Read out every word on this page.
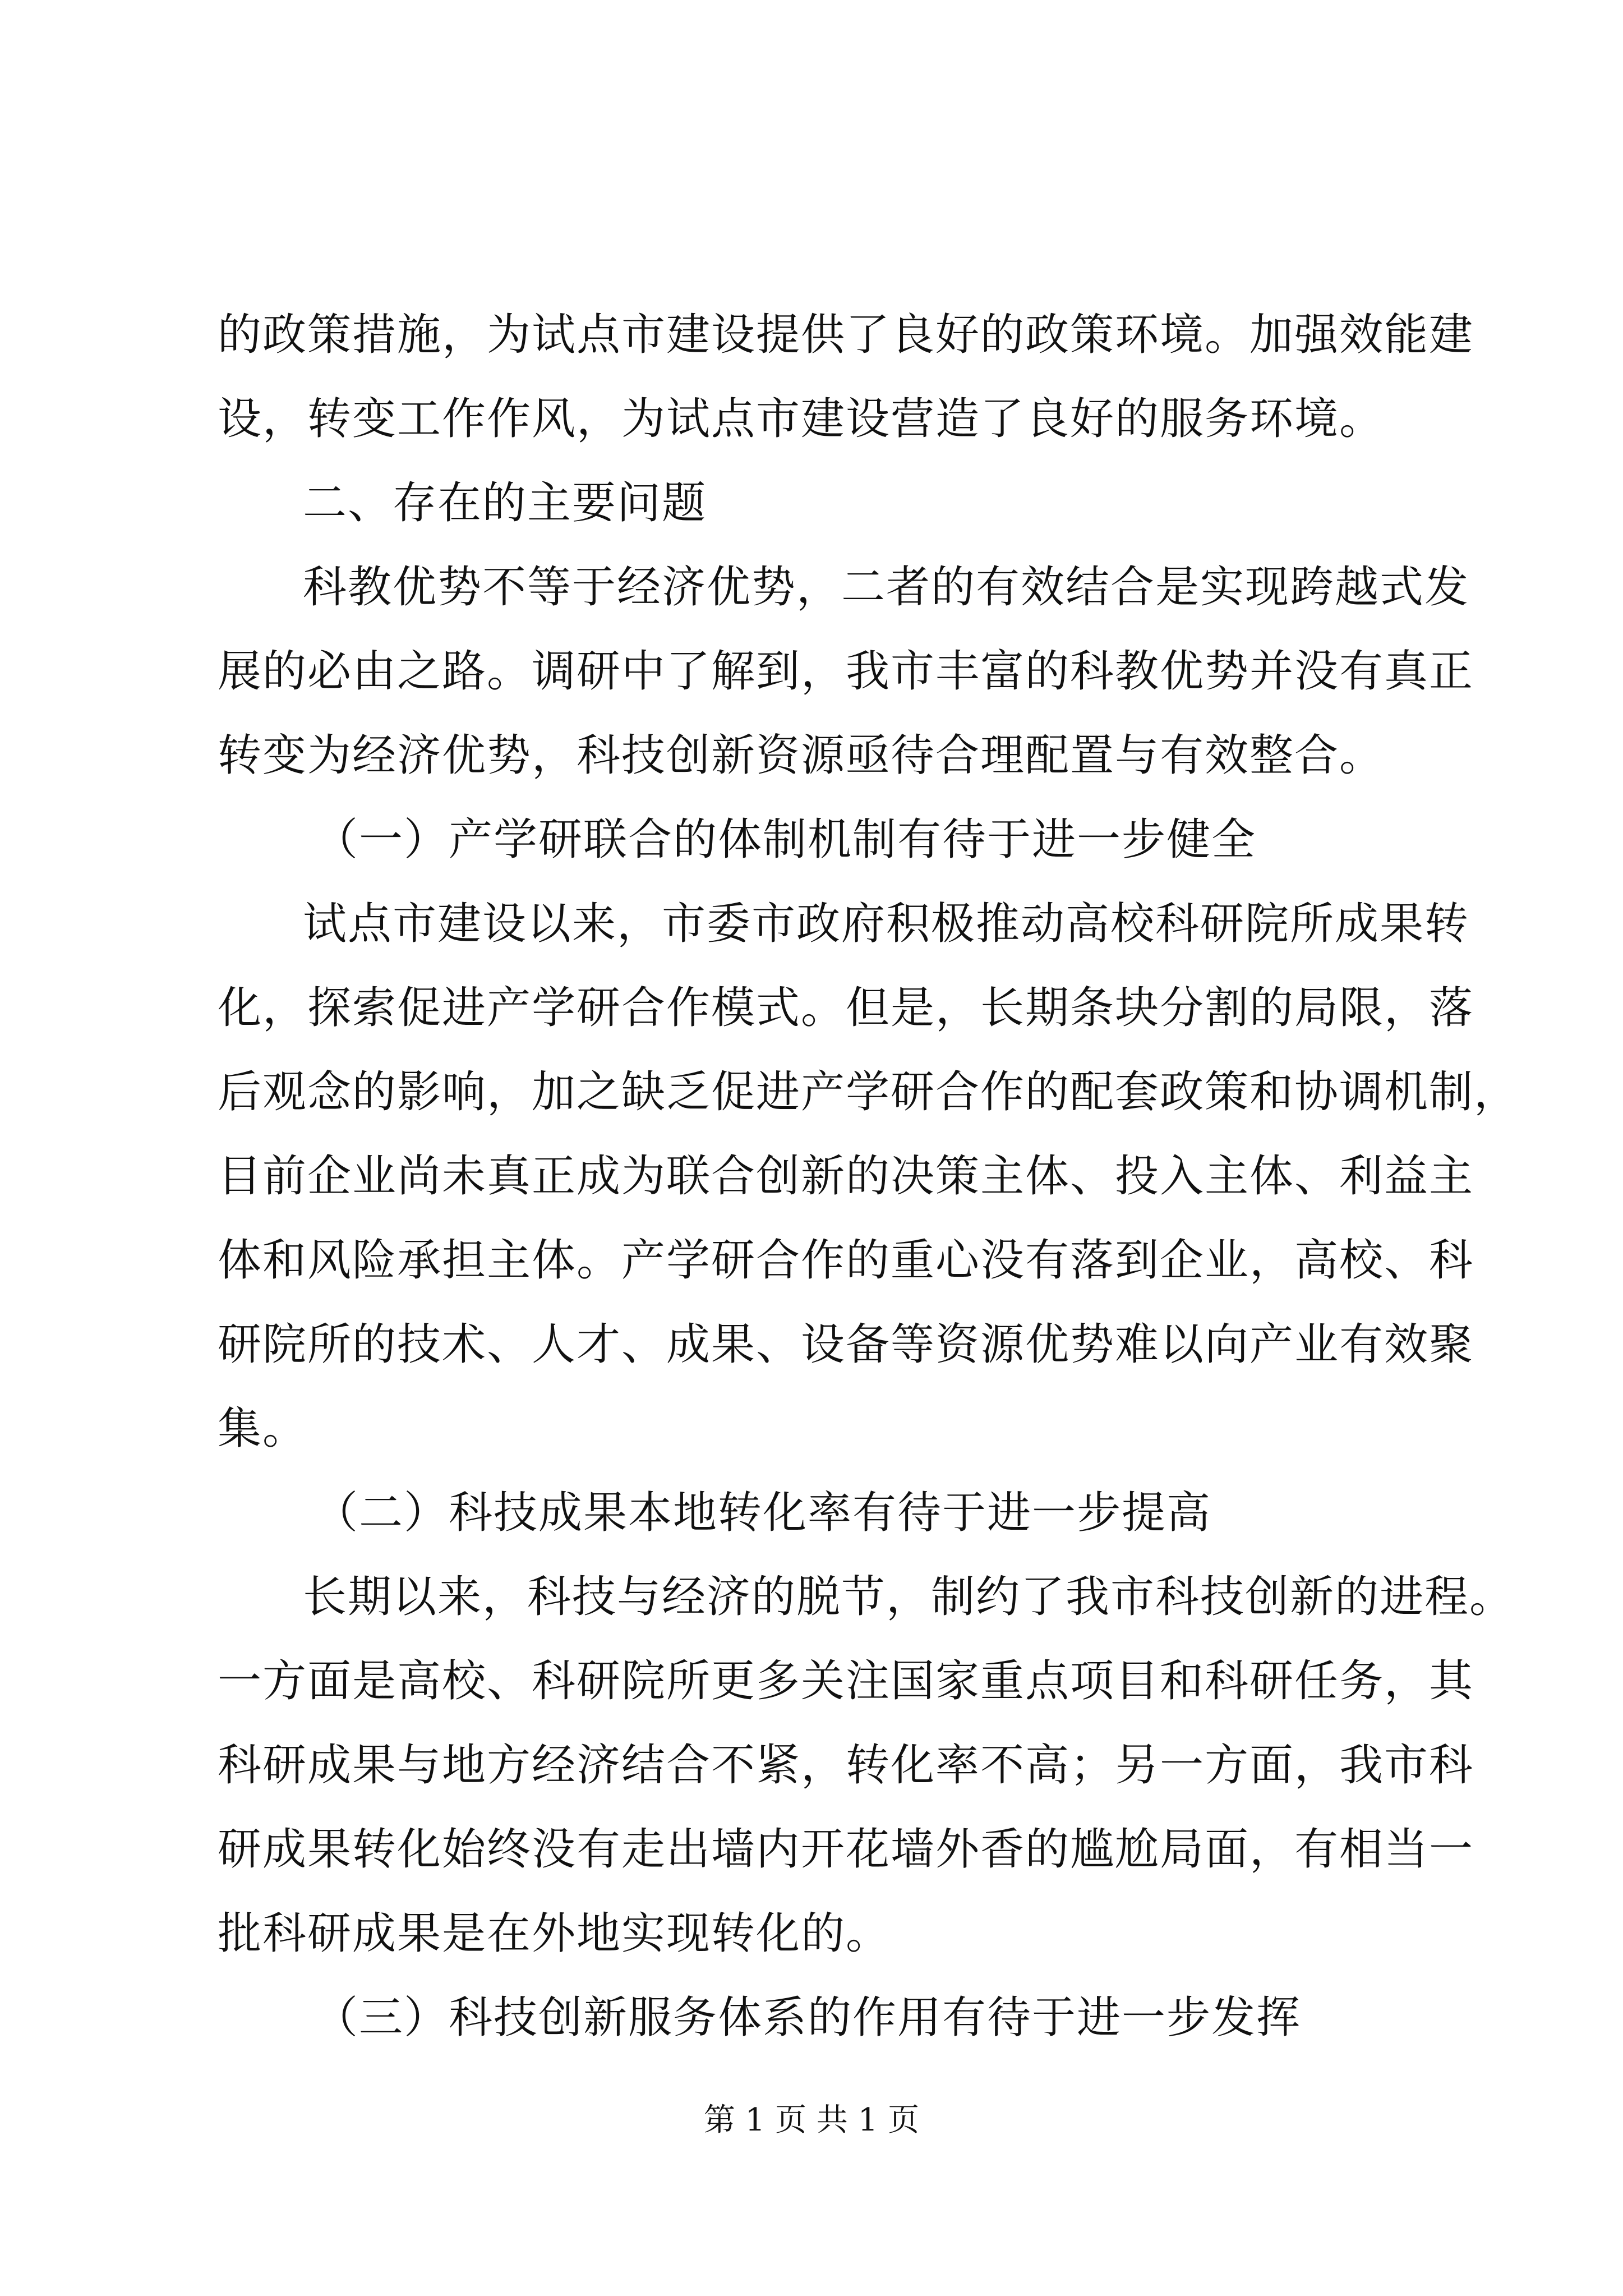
的政策措施，为试点市建设提供了良好的政策环境。加强效能建
设，转变工作作风，为试点市建设营造了良好的服务环境。
二、存在的主要问题
科教优势不等于经济优势，二者的有效结合是实现跨越式发
展的必由之路。调研中了解到，我市丰富的科教优势并没有真正
转变为经济优势，科技创新资源亟待合理配置与有效整合。
（一）产学研联合的体制机制有待于进一步健全
试点市建设以来，市委市政府积极推动高校科研院所成果转
化，探索促进产学研合作模式。但是，长期条块分割的局限，落
后观念的影响，加之缺乏促进产学研合作的配套政策和协调机制，
目前企业尚未真正成为联合创新的决策主体、投入主体、利益主
体和风险承担主体。产学研合作的重心没有落到企业，高校、科
研院所的技术、人才、成果、设备等资源优势难以向产业有效聚
集。
（二）科技成果本地转化率有待于进一步提高
长期以来，科技与经济的脱节，制约了我市科技创新的进程。
一方面是高校、科研院所更多关注国家重点项目和科研任务，其
科研成果与地方经济结合不紧，转化率不高；另一方面，我市科
研成果转化始终没有走出墙内开花墙外香的尴尬局面，有相当一
批科研成果是在外地实现转化的。
（三）科技创新服务体系的作用有待于进一步发挥
第 1 页 共 1 页
